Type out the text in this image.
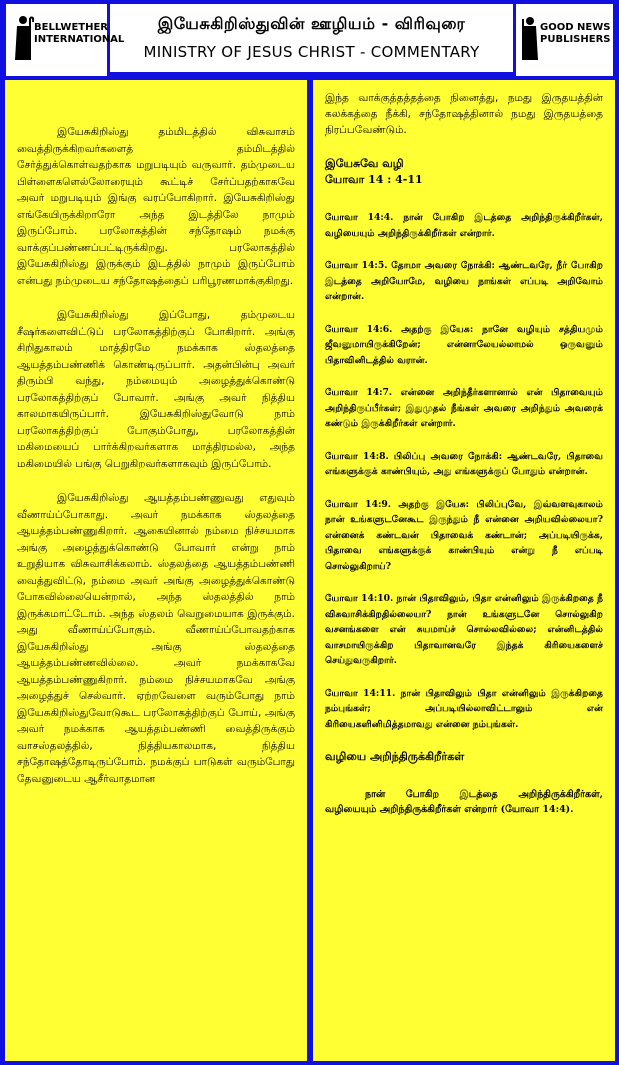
BELLWETHER INTERNATIONAL
இயேசுகிறிஸ்துவின் ஊழியம் - விரிவுரை
MINISTRY OF JESUS CHRIST - COMMENTARY
GOOD NEWS PUBLISHERS

இயேசுகிறிஸ்து தம்மிடத்தில் விசுவாசம் வைத்திருக்கிறவர்களைத் தம்மிடத்தில் சேர்த்துக்கொள்வதற்காக மறுபடியும் வருவார். தம்முடைய பிள்ளைகளெல்லோரையும் கூட்டிச் சேர்ப்பதற்காகவே அவர் மறுபடியும் இங்கு வரப்போகிறார். இயேசுகிறிஸ்து எங்கேயிருக்கிறாரோ அந்த இடத்திலே நாமும் இருப்போம். பரலோகத்தின் சந்தோஷம் நமக்கு வாக்குப்பண்ணப்பட்டிருக்கிறது. பரலோகத்தில் இயேசுகிறிஸ்து இருக்கும் இடத்தில் நாமும் இருப்போம் என்பது நம்முடைய சந்தோஷத்தைப் பரிபூரணமாக்குகிறது.

இயேசுகிறிஸ்து இப்போது, தம்முடைய சீஷர்களைவிட்டுப் பரலோகத்திற்குப் போகிறார். அங்கு சிறிதுகாலம் மாத்திரமே நமக்காக ஸ்தலத்தை ஆயத்தம்பண்ணிக் கொண்டிருப்பார். அதன்பின்பு அவர் திரும்பி வந்து, நம்மையும் அழைத்துக்கொண்டு பரலோகத்திற்குப் போவார். அங்கு அவர் நித்திய காலமாகயிருப்பார். இயேசுகிறிஸ்துவோடு நாம் பரலோகத்திற்குப் போகும்போது, பரலோகத்தின் மகிமையைப் பார்க்கிறவர்களாக மாத்திரமல்ல, அந்த மகிமையில் பங்கு பெறுகிறவர்களாகவும் இருப்போம்.

இயேசுகிறிஸ்து ஆயத்தம்பண்ணுவது எதுவும் வீணாய்ப்போகாது. அவர் நமக்காக ஸ்தலத்தை ஆயத்தம்பண்ணுகிறார். ஆகையினால் நம்மை நிச்சயமாக அங்கு அழைத்துக்கொண்டு போவார் என்று நாம் உறுதியாக விசுவாசிக்கலாம். ஸ்தலத்தை ஆயத்தம்பண்ணி வைத்துவிட்டு, நம்மை அவர் அங்கு அழைத்துக்கொண்டு போகவில்லையென்றால், அந்த ஸ்தலத்தில் நாம் இருக்கமாட்டோம். அந்த ஸ்தலம் வெறுமையாக இருக்கும். அது வீணாய்ப்போகும். வீணாய்ப்போவதற்காக இயேசுகிறிஸ்து அங்கு ஸ்தலத்தை ஆயத்தம்பண்ணவில்லை. அவர் நமக்காகவே ஆயத்தம்பண்ணுகிறார். நம்மை நிச்சயமாகவே அங்கு அழைத்துச் செல்வார். ஏற்றவேளை வரும்போது நாம் இயேசுகிறிஸ்துவோடுகூட பரலோகத்திற்குப் போய், அங்கு அவர் நமக்காக ஆயத்தம்பண்ணி வைத்திருக்கும் வாசஸ்தலத்தில், நித்தியகாலமாக, நித்திய சந்தோஷத்தோடிருப்போம். நமக்குப் பாடுகள் வரும்போது தேவனுடைய ஆசீர்வாதமான

இந்த வாக்குத்தத்தத்தை நினைத்து, நமது இருதயத்தின் கலக்கத்தை நீக்கி, சந்தோஷத்தினால் நமது இருதயத்தை நிரப்பவேண்டும்.

இயேசுவே வழி
யோவா 14 : 4-11

யோவா 14:4. நான் போகிற இடத்தை அறிந்திருக்கிறீர்கள், வழியையும் அறிந்திருக்கிறீர்கள் என்றார்.

யோவா 14:5. தோமா அவரை நோக்கி: ஆண்டவரே, நீர் போகிற இடத்தை அறியோமே, வழியை நாங்கள் எப்படி அறிவோம் என்றான்.

யோவா 14:6. அதற்கு இயேசு: நானே வழியும் சத்தியமும் ஜீவனுமாயிருக்கிறேன்; என்னாலேயல்லாமல் ஒருவனும் பிதாவினிடத்தில் வரான்.

யோவா 14:7. என்னை அறிந்தீர்களானால் என் பிதாவையும் அறிந்திருப்பீர்கள்; இதுமுதல் நீங்கள் அவரை அறிந்தும் அவரைக் கண்டும் இருக்கிறீர்கள் என்றார்.

யோவா 14:8. பிலிப்பு அவரை நோக்கி: ஆண்டவரே, பிதாவை எங்களுக்குக் காண்பியும், அது எங்களுக்குப் போதும் என்றான்.

யோவா 14:9. அதற்கு இயேசு: பிலிப்புவே, இவ்வளவுகாலம் நான் உங்களுடனேகூட இருந்தும் நீ என்னை அறியவில்லையா? என்னைக் கண்டவன் பிதாவைக் கண்டான்; அப்படியிருக்க, பிதாவை எங்களுக்குக் காண்பியும் என்று நீ எப்படி சொல்லுகிறாய்?

யோவா 14:10. நான் பிதாவிலும், பிதா என்னிலும் இருக்கிறதை நீ விசுவாசிக்கிறதில்லையா? நான் உங்களுடனே சொல்லுகிற வசனங்களை என் சுயமாய்ச் சொல்லவில்லை; என்னிடத்தில் வாசமாயிருக்கிற பிதாவானவரே இந்தக் கிரியைகளைச் செய்துவருகிறார்.

யோவா 14:11. நான் பிதாவிலும் பிதா என்னிலும் இருக்கிறதை நம்புங்கள்; அப்படியில்லாவிட்டாலும் என் கிரியைகளினிமித்தமாவது என்னை நம்புங்கள்.

வழியை அறிந்திருக்கிறீர்கள்

நான் போகிற இடத்தை அறிந்திருக்கிறீர்கள், வழியையும் அறிந்திருக்கிறீர்கள் என்றார் (யோவா 14:4).
